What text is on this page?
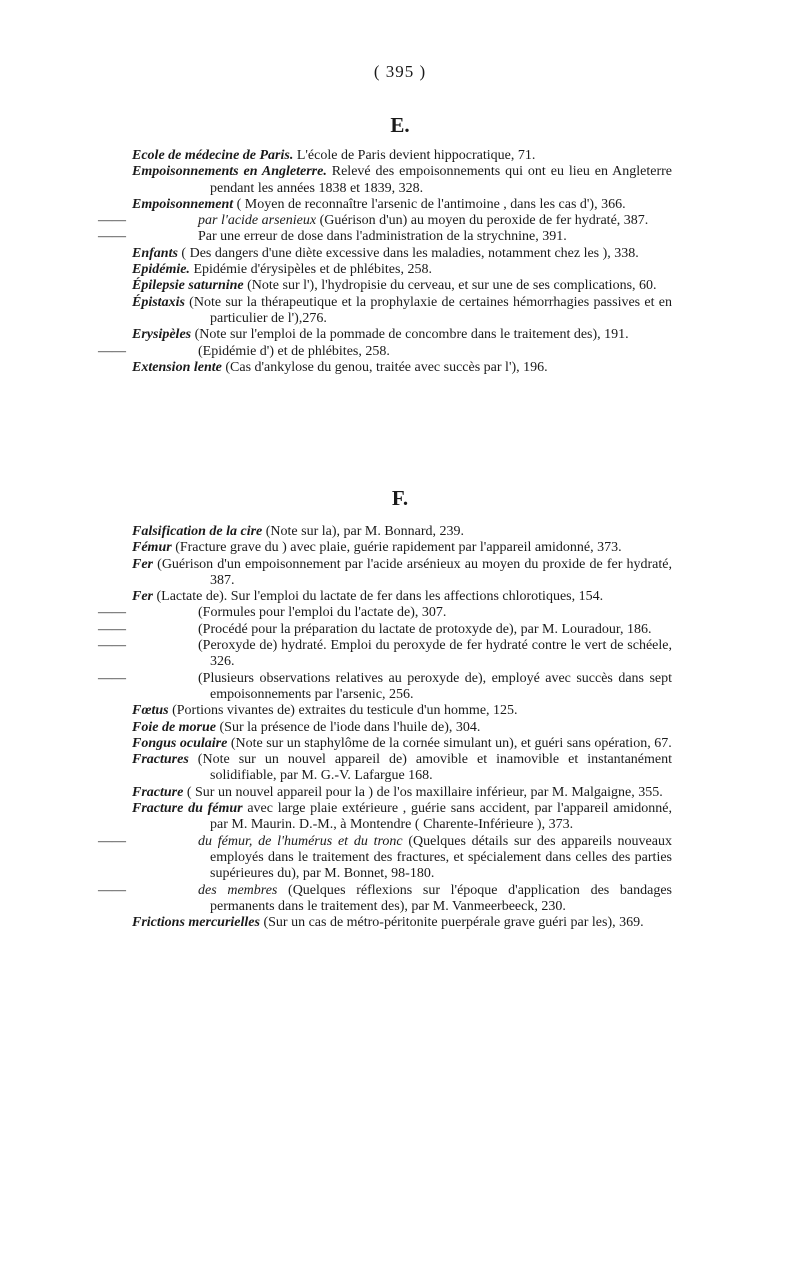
( 395 )
E.

Ecole de médecine de Paris. L'école de Paris devient hippocratique, 71.

Empoisonnements en Angleterre. Relevé des empoisonnements qui ont eu lieu en Angleterre pendant les années 1838 et 1839, 328.

Empoisonnement ( Moyen de reconnaître l'arsenic de l'antimoine , dans les cas d'), 366.

——	par l'acide arsenieux (Guérison d'un) au moyen du peroxide de fer hydraté, 387.

——	Par une erreur de dose dans l'administration de la strychnine, 391.

Enfants ( Des dangers d'une diète excessive dans les maladies, notamment chez les ), 338.

Epidémie. Epidémie d'érysipèles et de phlébites, 258.

Épilepsie saturnine (Note sur l'), l'hydropisie du cerveau, et sur une de ses complications, 60.

Épistaxis (Note sur la thérapeutique et la prophylaxie de certaines hémorrhagies passives et en particulier de l'),276.

Erysipèles (Note sur l'emploi de la pommade de concombre dans le traitement des), 191.

——	(Epidémie d') et de phlébites, 258.

Extension lente (Cas d'ankylose du genou, traitée avec succès par l'), 196.

F.

Falsification de la cire (Note sur la), par M. Bonnard, 239.

Fémur (Fracture grave du ) avec plaie, guérie rapidement par l'appareil amidonné, 373.

Fer (Guérison d'un empoisonnement par l'acide arsénieux au moyen du proxide de fer hydraté, 387.

Fer (Lactate de). Sur l'emploi du lactate de fer dans les affections chlorotiques, 154.

——	(Formules pour l'emploi du l'actate de), 307.

——	(Procédé pour la préparation du lactate de protoxyde de), par M. Louradour, 186.

——	(Peroxyde de) hydraté. Emploi du peroxyde de fer hydraté contre le vert de schéele, 326.

——	(Plusieurs observations relatives au peroxyde de), employé avec succès dans sept empoisonnements par l'arsenic, 256.

Fœtus (Portions vivantes de) extraites du testicule d'un homme, 125.

Foie de morue (Sur la présence de l'iode dans l'huile de), 304.

Fongus oculaire (Note sur un staphylôme de la cornée simulant un), et guéri sans opération, 67.

Fractures (Note sur un nouvel appareil de) amovible et inamovible et instantanément solidifiable, par M. G.-V. Lafargue 168.

Fracture ( Sur un nouvel appareil pour la ) de l'os maxillaire inférieur, par M. Malgaigne, 355.

Fracture du fémur avec large plaie extérieure , guérie sans accident, par l'appareil amidonné, par M. Maurin. D.-M., à Montendre ( Charente-Inférieure ), 373.

——	du fémur, de l'humérus et du tronc (Quelques détails sur des appareils nouveaux employés dans le traitement des fractures, et spécialement dans celles des parties supérieures du), par M. Bonnet, 98-180.

——	des membres (Quelques réflexions sur l'époque d'application des bandages permanents dans le traitement des), par M. Vanmeerbeeck, 230.

Frictions mercurielles (Sur un cas de métro-péritonite puerpérale grave guéri par les), 369.
